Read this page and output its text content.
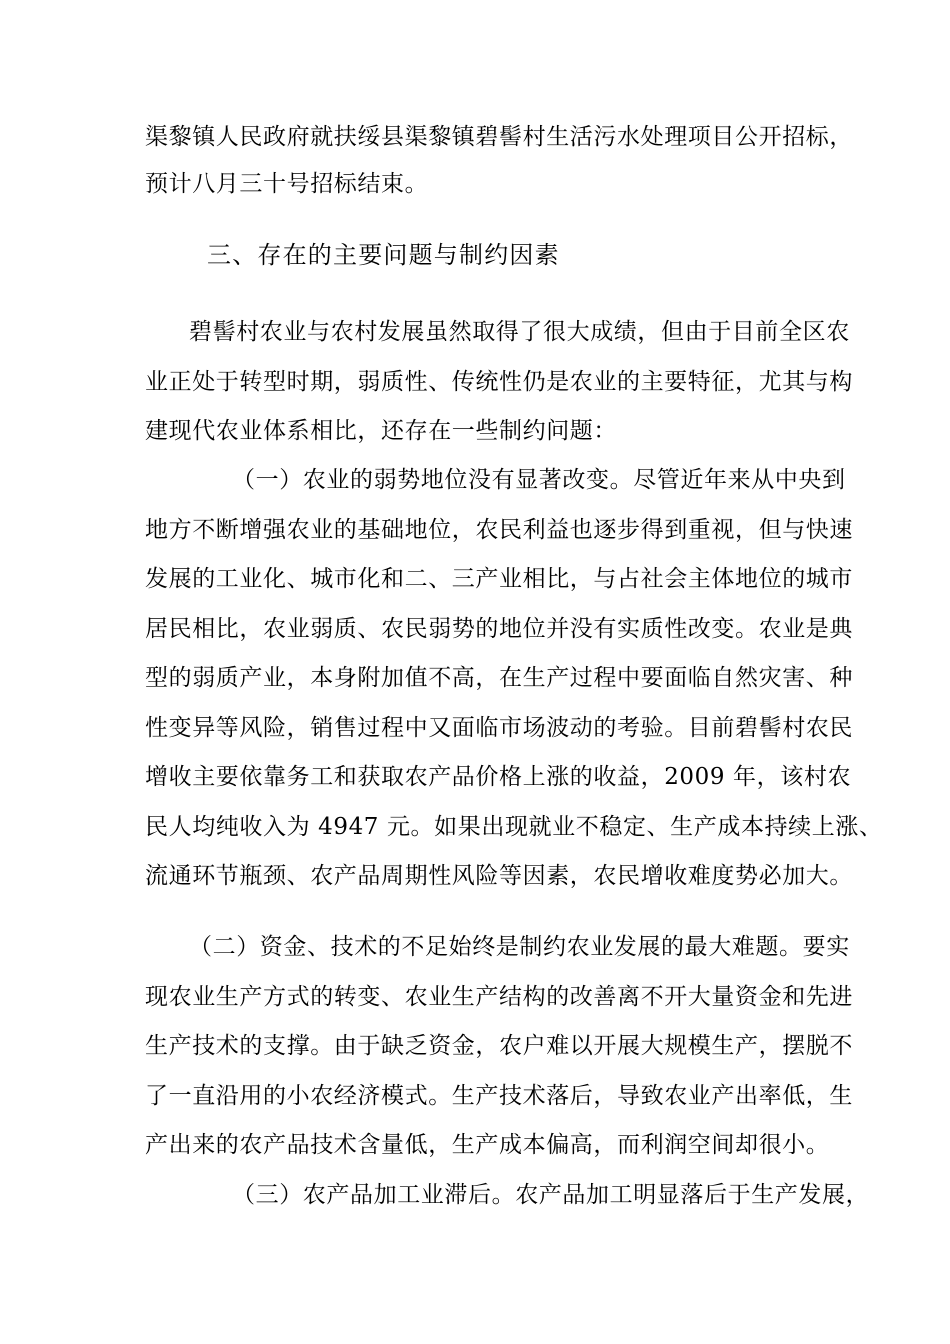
渠黎镇人民政府就扶绥县渠黎镇碧髻村生活污水处理项目公开招标，
预计八月三十号招标结束。
三、存在的主要问题与制约因素
碧髻村农业与农村发展虽然取得了很大成绩，但由于目前全区农
业正处于转型时期，弱质性、传统性仍是农业的主要特征，尤其与构
建现代农业体系相比，还存在一些制约问题：
（一）农业的弱势地位没有显著改变。尽管近年来从中央到
地方不断增强农业的基础地位，农民利益也逐步得到重视，但与快速
发展的工业化、城市化和二、三产业相比，与占社会主体地位的城市
居民相比，农业弱质、农民弱势的地位并没有实质性改变。农业是典
型的弱质产业，本身附加值不高，在生产过程中要面临自然灾害、种
性变异等风险，销售过程中又面临市场波动的考验。目前碧髻村农民
增收主要依靠务工和获取农产品价格上涨的收益，2009 年，该村农
民人均纯收入为 4947 元。如果出现就业不稳定、生产成本持续上涨、
流通环节瓶颈、农产品周期性风险等因素，农民增收难度势必加大。
（二）资金、技术的不足始终是制约农业发展的最大难题。要实
现农业生产方式的转变、农业生产结构的改善离不开大量资金和先进
生产技术的支撑。由于缺乏资金，农户难以开展大规模生产，摆脱不
了一直沿用的小农经济模式。生产技术落后，导致农业产出率低，生
产出来的农产品技术含量低，生产成本偏高，而利润空间却很小。
（三）农产品加工业滞后。农产品加工明显落后于生产发展，
